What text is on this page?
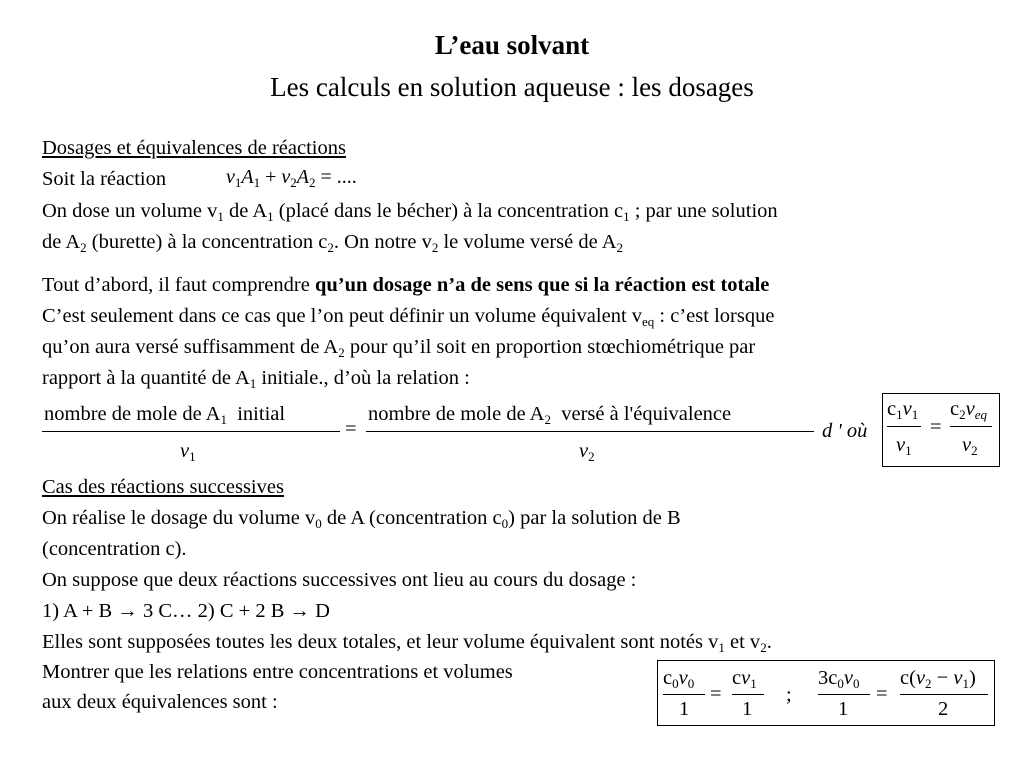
L’eau solvant
Les calculs en solution aqueuse : les dosages
Dosages et équivalences de réactions
Soit la réaction	$\nu_1A_1 + \nu_2A_2$ = ....
On dose un volume $v_1$ de $A_1$ (placé dans le bécher) à la concentration $c_1$ ; par une solution
de $A_2$ (burette) à la concentration $c_2$. On notre $v_2$ le volume versé de $A_2$
Tout d’abord, il faut comprendre qu’un dosage n’a de sens que si la réaction est totale
C’est seulement dans ce cas que l’on peut définir un volume équivalent $v_{eq}$ : c’est lorsque
qu’on aura versé suffisamment de $A_2$ pour qu’il soit en proportion stœchiométrique par
rapport à la quantité de $A_1$ initiale., d’où la relation :
nombre de mole de $A_1$ initial
$\nu_1$
=
nombre de mole de $A_2$ versé à l'équivalence
$\nu_2$
d ' où
$c_1v_1$
$\nu_1$
=
$c_2v_{eq}$
$\nu_2$
Cas des réactions successives
On réalise le dosage du volume $v_0$ de A (concentration $c_0$) par la solution de B
(concentration c).
On suppose que deux réactions successives ont lieu au cours du dosage :
1) A + B → 3 C… 2) C + 2 B → D
Elles sont supposées toutes les deux totales, et leur volume équivalent sont notés $v_1$ et $v_2$.
Montrer que les relations entre concentrations et volumes
aux deux équivalences sont :
$c_0v_0$
1
=
$cv_1$
1
;
$3c_0v_0$
1
=
$c(v_2 - v_1)$
2
